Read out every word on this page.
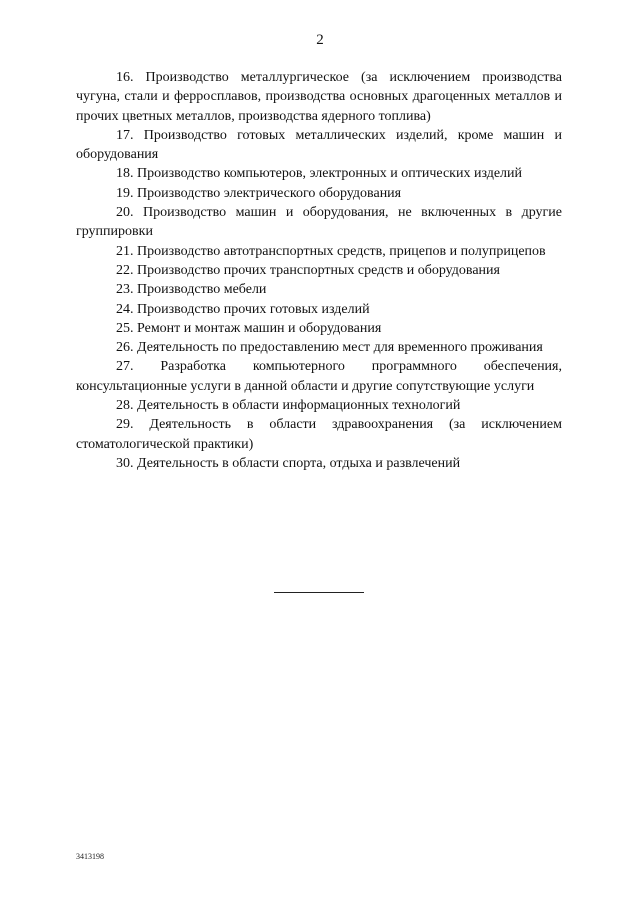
2

16. Производство металлургическое (за исключением производства чугуна, стали и ферросплавов, производства основных драгоценных металлов и прочих цветных металлов, производства ядерного топлива)

17. Производство готовых металлических изделий, кроме машин и оборудования

18. Производство компьютеров, электронных и оптических изделий

19. Производство электрического оборудования

20. Производство машин и оборудования, не включенных в другие группировки

21. Производство автотранспортных средств, прицепов и полуприцепов

22. Производство прочих транспортных средств и оборудования

23. Производство мебели

24. Производство прочих готовых изделий

25. Ремонт и монтаж машин и оборудования

26. Деятельность по предоставлению мест для временного проживания

27. Разработка компьютерного программного обеспечения, консультационные услуги в данной области и другие сопутствующие услуги

28. Деятельность в области информационных технологий

29. Деятельность в области здравоохранения (за исключением стоматологической практики)

30. Деятельность в области спорта, отдыха и развлечений

3413198
